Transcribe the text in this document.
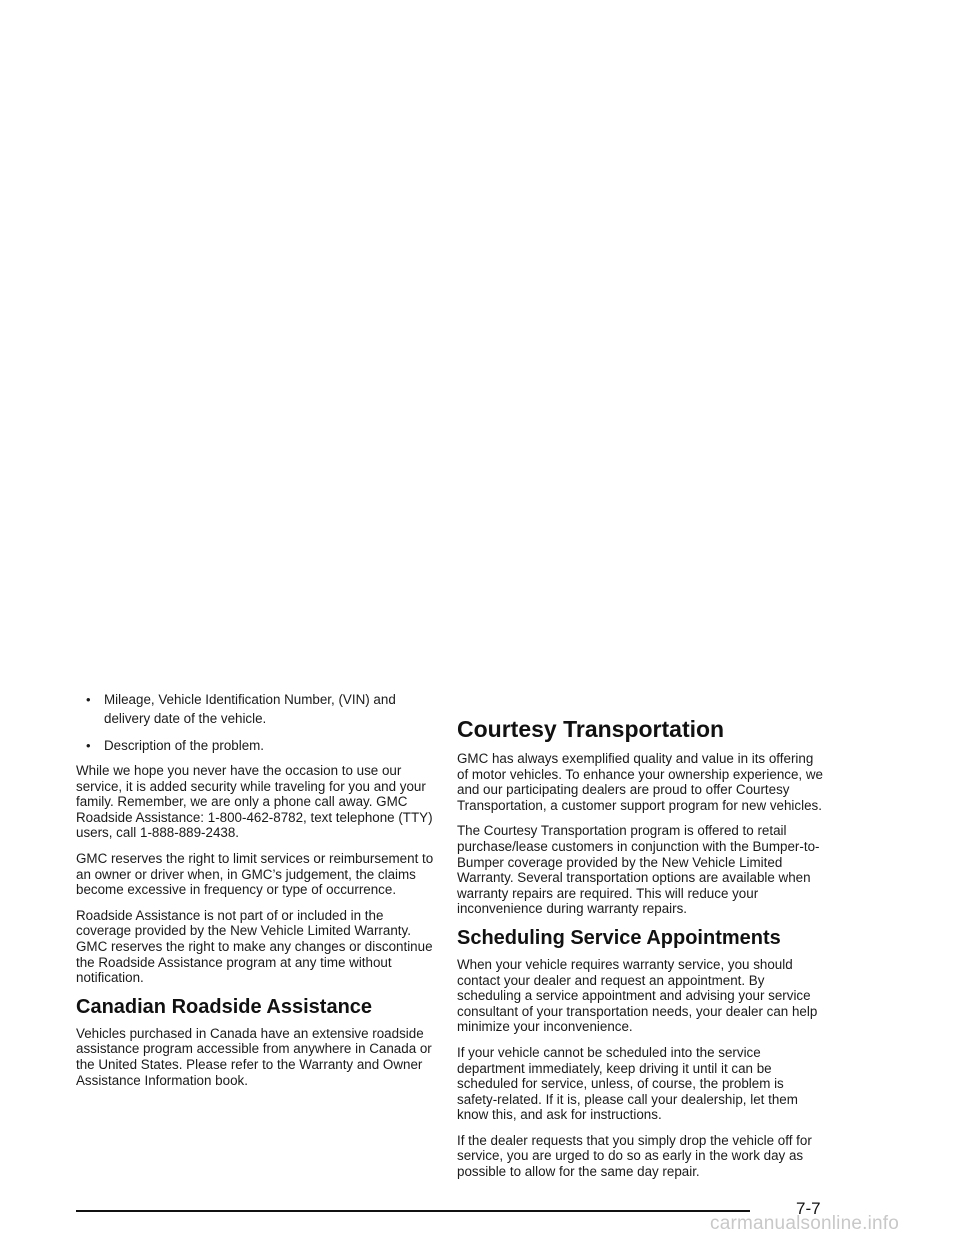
• Mileage, Vehicle Identification Number, (VIN) and delivery date of the vehicle.
• Description of the problem.

While we hope you never have the occasion to use our service, it is added security while traveling for you and your family. Remember, we are only a phone call away. GMC Roadside Assistance: 1-800-462-8782, text telephone (TTY) users, call 1-888-889-2438.

GMC reserves the right to limit services or reimbursement to an owner or driver when, in GMC’s judgement, the claims become excessive in frequency or type of occurrence.

Roadside Assistance is not part of or included in the coverage provided by the New Vehicle Limited Warranty. GMC reserves the right to make any changes or discontinue the Roadside Assistance program at any time without notification.

Canadian Roadside Assistance

Vehicles purchased in Canada have an extensive roadside assistance program accessible from anywhere in Canada or the United States. Please refer to the Warranty and Owner Assistance Information book.

Courtesy Transportation

GMC has always exemplified quality and value in its offering of motor vehicles. To enhance your ownership experience, we and our participating dealers are proud to offer Courtesy Transportation, a customer support program for new vehicles.

The Courtesy Transportation program is offered to retail purchase/lease customers in conjunction with the Bumper-to-Bumper coverage provided by the New Vehicle Limited Warranty. Several transportation options are available when warranty repairs are required. This will reduce your inconvenience during warranty repairs.

Scheduling Service Appointments

When your vehicle requires warranty service, you should contact your dealer and request an appointment. By scheduling a service appointment and advising your service consultant of your transportation needs, your dealer can help minimize your inconvenience.

If your vehicle cannot be scheduled into the service department immediately, keep driving it until it can be scheduled for service, unless, of course, the problem is safety-related. If it is, please call your dealership, let them know this, and ask for instructions.

If the dealer requests that you simply drop the vehicle off for service, you are urged to do so as early in the work day as possible to allow for the same day repair.

7-7
carmanualsonline.info
